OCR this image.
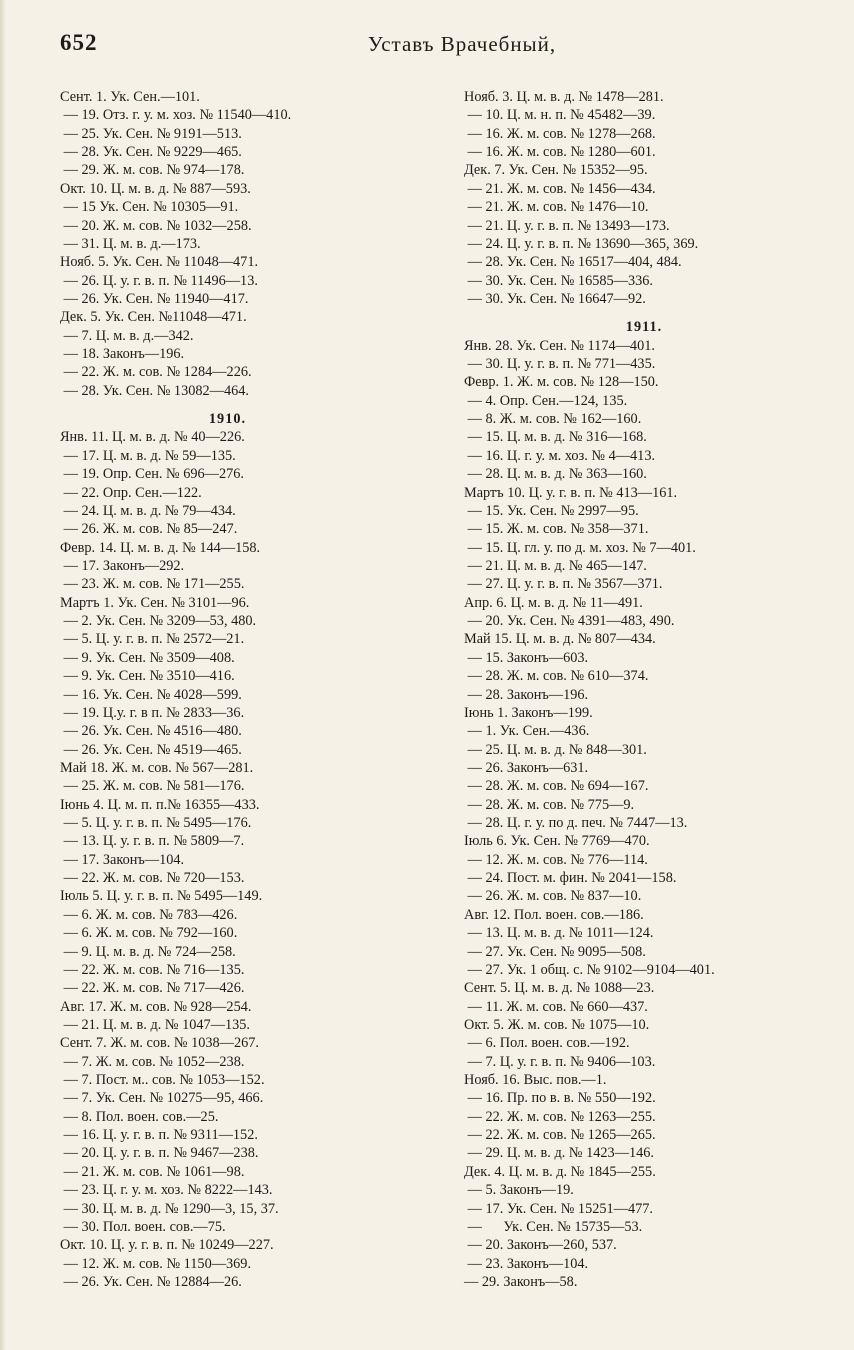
652	Уставъ Врачебный,
Сент. 1. Ук. Сен.—101.
— 19. Отз. г. у. м. хоз. № 11540—410.
— 25. Ук. Сен. № 9191—513.
— 28. Ук. Сен. № 9229—465.
— 29. Ж. м. сов. № 974—178.
Окт. 10. Ц. м. в. д. № 887—593.
— 15 Ук. Сен. № 10305—91.
— 20. Ж. м. сов. № 1032—258.
— 31. Ц. м. в. д.—173.
Нояб. 5. Ук. Сен. № 11048—471.
— 26. Ц. у. г. в. п. № 11496—13.
— 26. Ук. Сен. № 11940—417.
Дек. 5. Ук. Сен. №11048—471.
— 7. Ц. м. в. д.—342.
— 18. Законъ—196.
— 22. Ж. м. сов. № 1284—226.
— 28. Ук. Сен. № 13082—464.
1910.
Янв. 11. Ц. м. в. д. № 40—226.
— 17. Ц. м. в. д. № 59—135.
— 19. Опр. Сен. № 696—276.
— 22. Опр. Сен.—122.
— 24. Ц. м. в. д. № 79—434.
— 26. Ж. м. сов. № 85—247.
Февр. 14. Ц. м. в. д. № 144—158.
— 17. Законъ—292.
— 23. Ж. м. сов. № 171—255.
Мартъ 1. Ук. Сен. № 3101—96.
— 2. Ук. Сен. № 3209—53, 480.
— 5. Ц. у. г. в. п. № 2572—21.
— 9. Ук. Сен. № 3509—408.
— 9. Ук. Сен. № 3510—416.
— 16. Ук. Сен. № 4028—599.
— 19. Ц.у. г. в п. № 2833—36.
— 26. Ук. Сен. № 4516—480.
— 26. Ук. Сен. № 4519—465.
Май 18. Ж. м. сов. № 567—281.
— 25. Ж. м. сов. № 581—176.
Іюнь 4. Ц. м. п. п.№ 16355—433.
— 5. Ц. у. г. в. п. № 5495—176.
— 13. Ц. у. г. в. п. № 5809—7.
— 17. Законъ—104.
— 22. Ж. м. сов. № 720—153.
Іюль 5. Ц. у. г. в. п. № 5495—149.
— 6. Ж. м. сов. № 783—426.
— 6. Ж. м. сов. № 792—160.
— 9. Ц. м. в. д. № 724—258.
— 22. Ж. м. сов. № 716—135.
— 22. Ж. м. сов. № 717—426.
Авг. 17. Ж. м. сов. № 928—254.
— 21. Ц. м. в. д. № 1047—135.
Сент. 7. Ж. м. сов. № 1038—267.
— 7. Ж. м. сов. № 1052—238.
— 7. Пост. м.. сов. № 1053—152.
— 7. Ук. Сен. № 10275—95, 466.
— 8. Пол. воен. сов.—25.
— 16. Ц. у. г. в. п. № 9311—152.
— 20. Ц. у. г. в. п. № 9467—238.
— 21. Ж. м. сов. № 1061—98.
— 23. Ц. г. у. м. хоз. № 8222—143.
— 30. Ц. м. в. д. № 1290—3, 15, 37.
— 30. Пол. воен. сов.—75.
Окт. 10. Ц. у. г. в. п. № 10249—227.
— 12. Ж. м. сов. № 1150—369.
— 26. Ук. Сен. № 12884—26.
Нояб. 3. Ц. м. в. д. № 1478—281.
— 10. Ц. м. н. п. № 45482—39.
— 16. Ж. м. сов. № 1278—268.
— 16. Ж. м. сов. № 1280—601.
Дек. 7. Ук. Сен. № 15352—95.
— 21. Ж. м. сов. № 1456—434.
— 21. Ж. м. сов. № 1476—10.
— 21. Ц. у. г. в. п. № 13493—173.
— 24. Ц. у. г. в. п. № 13690—365, 369.
— 28. Ук. Сен. № 16517—404, 484.
— 30. Ук. Сен. № 16585—336.
— 30. Ук. Сен. № 16647—92.
1911.
Янв. 28. Ук. Сен. № 1174—401.
— 30. Ц. у. г. в. п. № 771—435.
Февр. 1. Ж. м. сов. № 128—150.
— 4. Опр. Сен.—124, 135.
— 8. Ж. м. сов. № 162—160.
— 15. Ц. м. в. д. № 316—168.
— 16. Ц. г. у. м. хоз. № 4—413.
— 28. Ц. м. в. д. № 363—160.
Мартъ 10. Ц. у. г. в. п. № 413—161.
— 15. Ук. Сен. № 2997—95.
— 15. Ж. м. сов. № 358—371.
— 15. Ц. гл. у. по д. м. хоз. № 7—401.
— 21. Ц. м. в. д. № 465—147.
— 27. Ц. у. г. в. п. № 3567—371.
Апр. 6. Ц. м. в. д. № 11—491.
— 20. Ук. Сен. № 4391—483, 490.
Май 15. Ц. м. в. д. № 807—434.
— 15. Законъ—603.
— 28. Ж. м. сов. № 610—374.
— 28. Законъ—196.
Іюнь 1. Законъ—199.
— 1. Ук. Сен.—436.
— 25. Ц. м. в. д. № 848—301.
— 26. Законъ—631.
— 28. Ж. м. сов. № 694—167.
— 28. Ж. м. сов. № 775—9.
— 28. Ц. г. у. по д. печ. № 7447—13.
Іюль 6. Ук. Сен. № 7769—470.
— 12. Ж. м. сов. № 776—114.
— 24. Пост. м. фин. № 2041—158.
— 26. Ж. м. сов. № 837—10.
Авг. 12. Пол. воен. сов.—186.
— 13. Ц. м. в. д. № 1011—124.
— 27. Ук. Сен. № 9095—508.
— 27. Ук. 1 общ. с. № 9102—9104—401.
Сент. 5. Ц. м. в. д. № 1088—23.
— 11. Ж. м. сов. № 660—437.
Окт. 5. Ж. м. сов. № 1075—10.
— 6. Пол. воен. сов.—192.
— 7. Ц. у. г. в. п. № 9406—103.
Нояб. 16. Выс. пов.—1.
— 16. Пр. по в. в. № 550—192.
— 22. Ж. м. сов. № 1263—255.
— 22. Ж. м. сов. № 1265—265.
— 29. Ц. м. в. д. № 1423—146.
Дек. 4. Ц. м. в. д. № 1845—255.
— 5. Законъ—19.
— 17. Ук. Сен. № 15251—477.
—      Ук. Сен. № 15735—53.
— 20. Законъ—260, 537.
— 23. Законъ—104.
— 29. Законъ—58.
